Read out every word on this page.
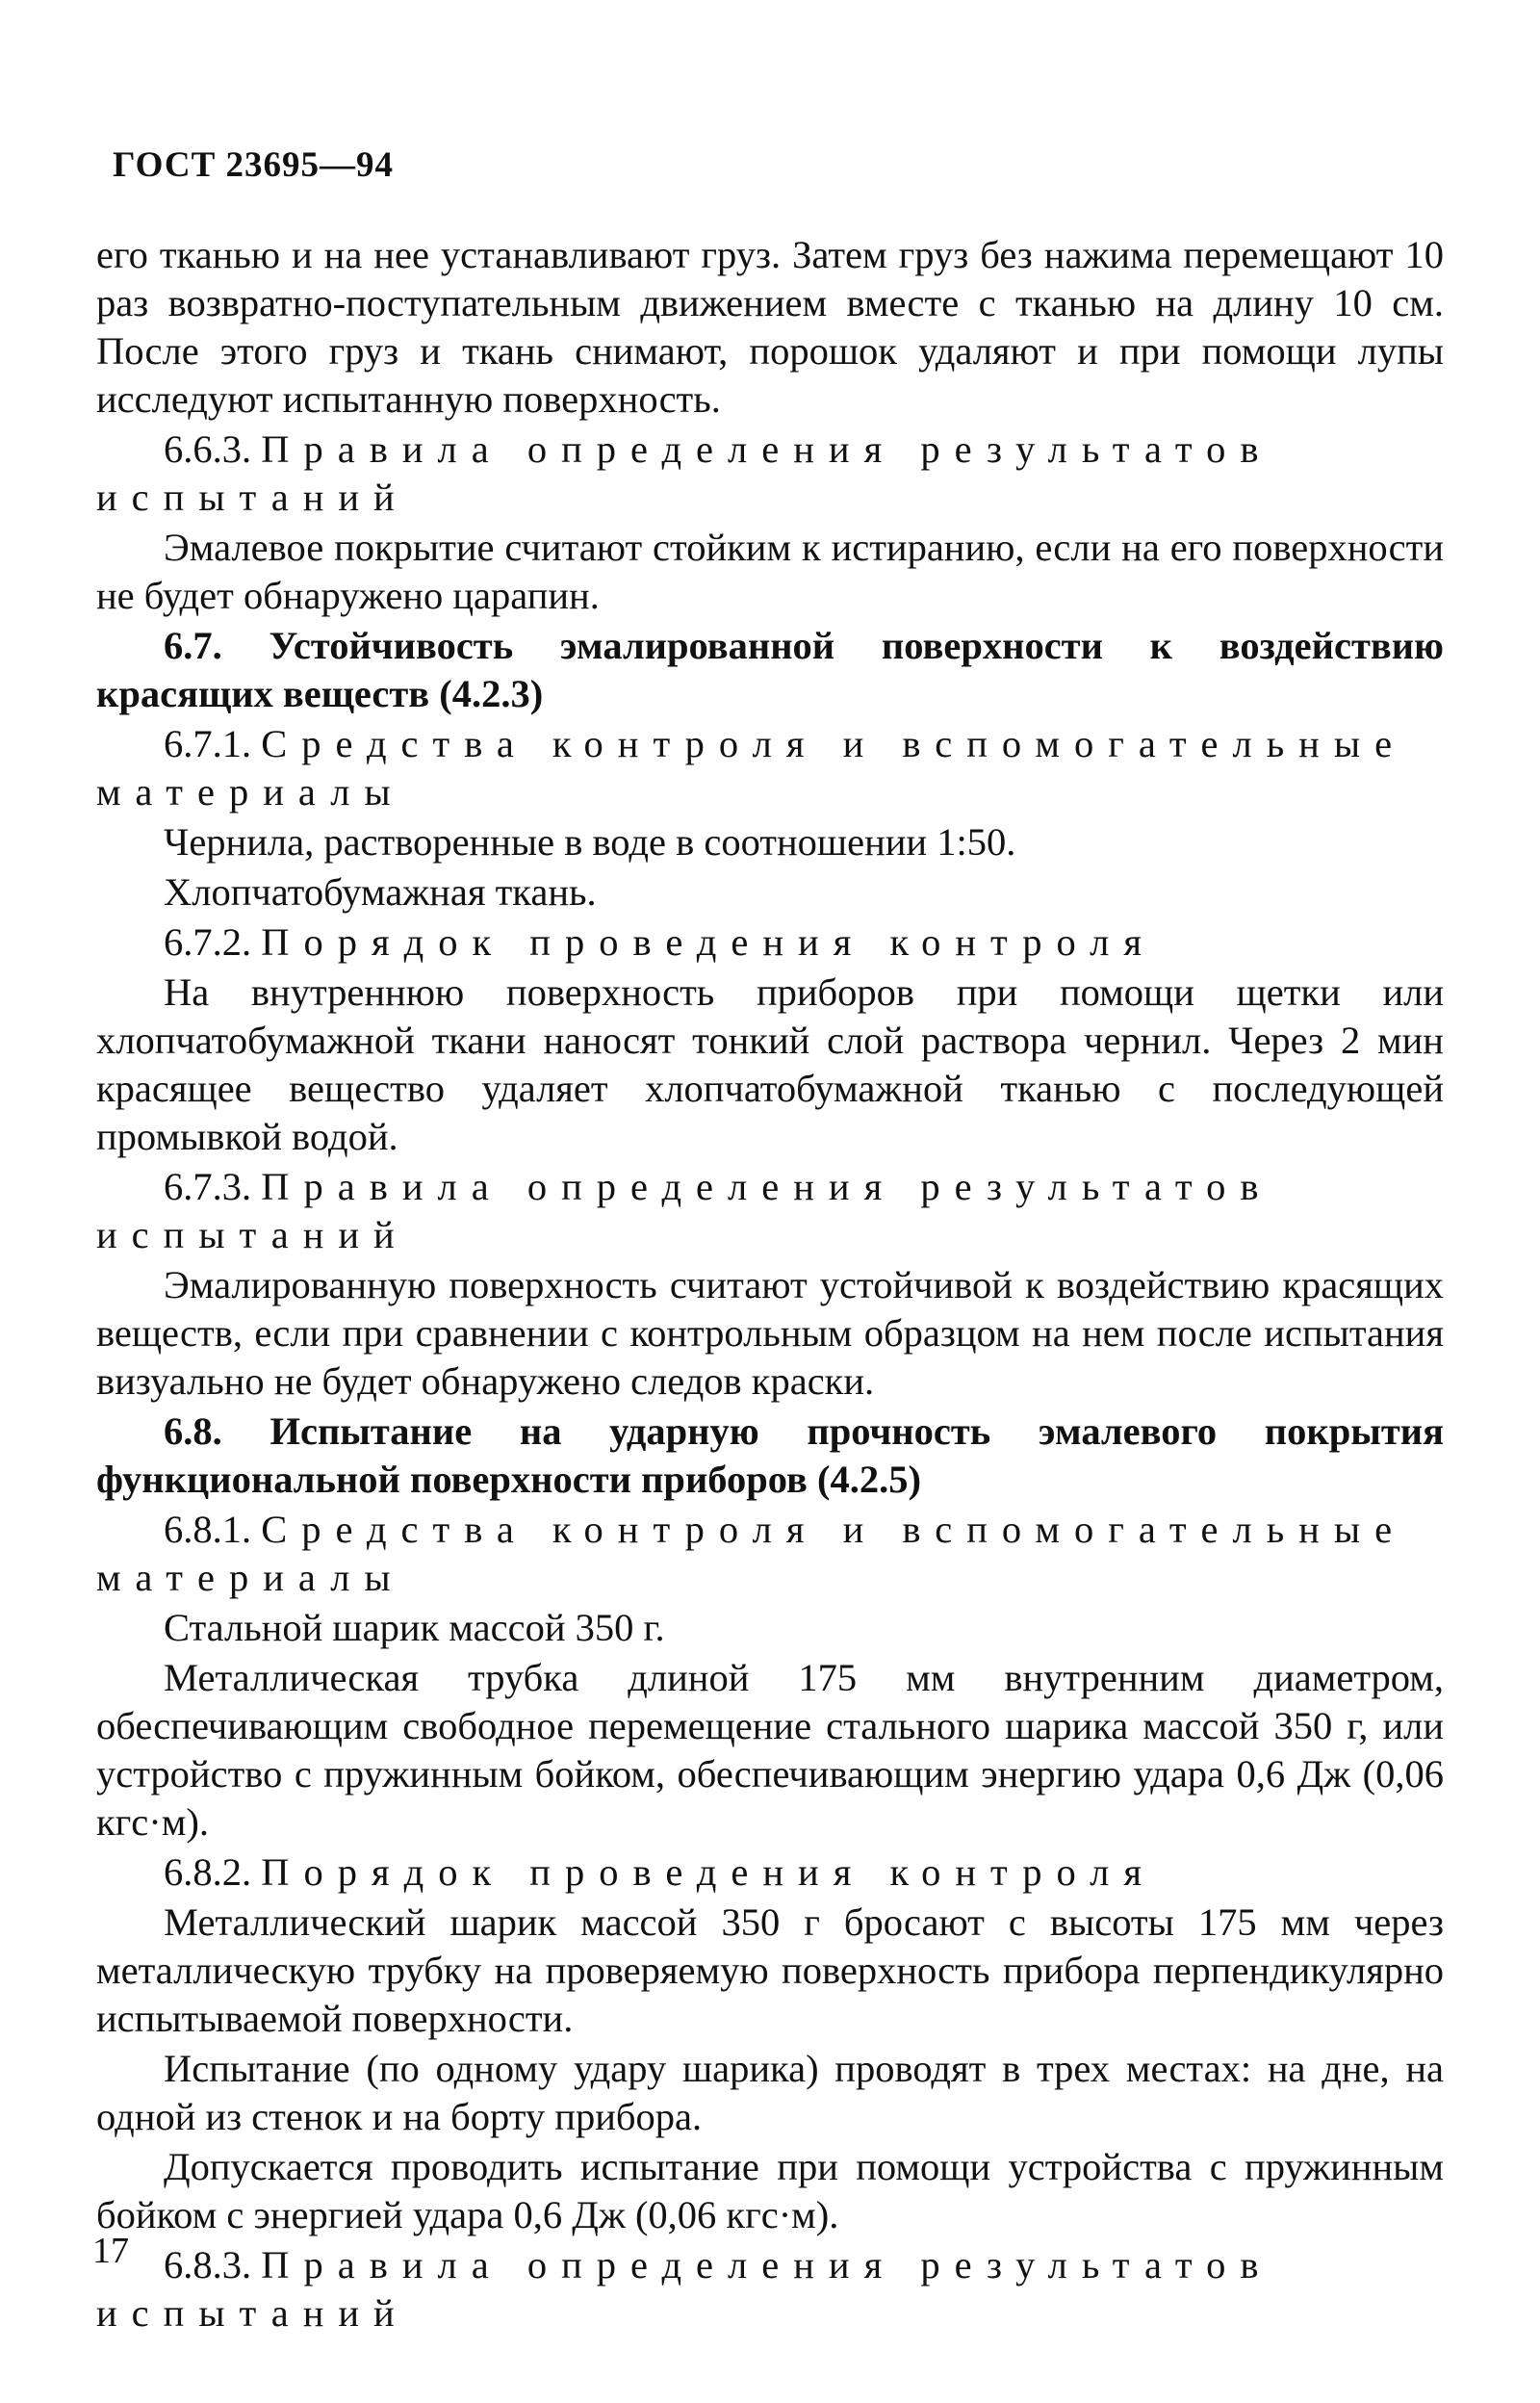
ГОСТ 23695—94

его тканью и на нее устанавливают груз. Затем груз без нажима перемещают 10 раз возвратно-поступательным движением вместе с тканью на длину 10 см. После этого груз и ткань снимают, порошок удаляют и при помощи лупы исследуют испытанную поверхность.

6.6.3. Правила определения результатов испытаний

Эмалевое покрытие считают стойким к истиранию, если на его поверхности не будет обнаружено царапин.

6.7. Устойчивость эмалированной поверхности к воздействию красящих веществ (4.2.3)

6.7.1. Средства контроля и вспомогательные материалы

Чернила, растворенные в воде в соотношении 1:50.

Хлопчатобумажная ткань.

6.7.2. Порядок проведения контроля

На внутреннюю поверхность приборов при помощи щетки или хлопчатобумажной ткани наносят тонкий слой раствора чернил. Через 2 мин красящее вещество удаляет хлопчатобумажной тканью с последующей промывкой водой.

6.7.3. Правила определения результатов испытаний

Эмалированную поверхность считают устойчивой к воздействию красящих веществ, если при сравнении с контрольным образцом на нем после испытания визуально не будет обнаружено следов краски.

6.8. Испытание на ударную прочность эмалевого покрытия функциональной поверхности приборов (4.2.5)

6.8.1. Средства контроля и вспомогательные материалы

Стальной шарик массой 350 г.

Металлическая трубка длиной 175 мм внутренним диаметром, обеспечивающим свободное перемещение стального шарика массой 350 г, или устройство с пружинным бойком, обеспечивающим энергию удара 0,6 Дж (0,06 кгс·м).

6.8.2. Порядок проведения контроля

Металлический шарик массой 350 г бросают с высоты 175 мм через металлическую трубку на проверяемую поверхность прибора перпендикулярно испытываемой поверхности.

Испытание (по одному удару шарика) проводят в трех местах: на дне, на одной из стенок и на борту прибора.

Допускается проводить испытание при помощи устройства с пружинным бойком с энергией удара 0,6 Дж (0,06 кгс·м).

6.8.3. Правила определения результатов испытаний

17
